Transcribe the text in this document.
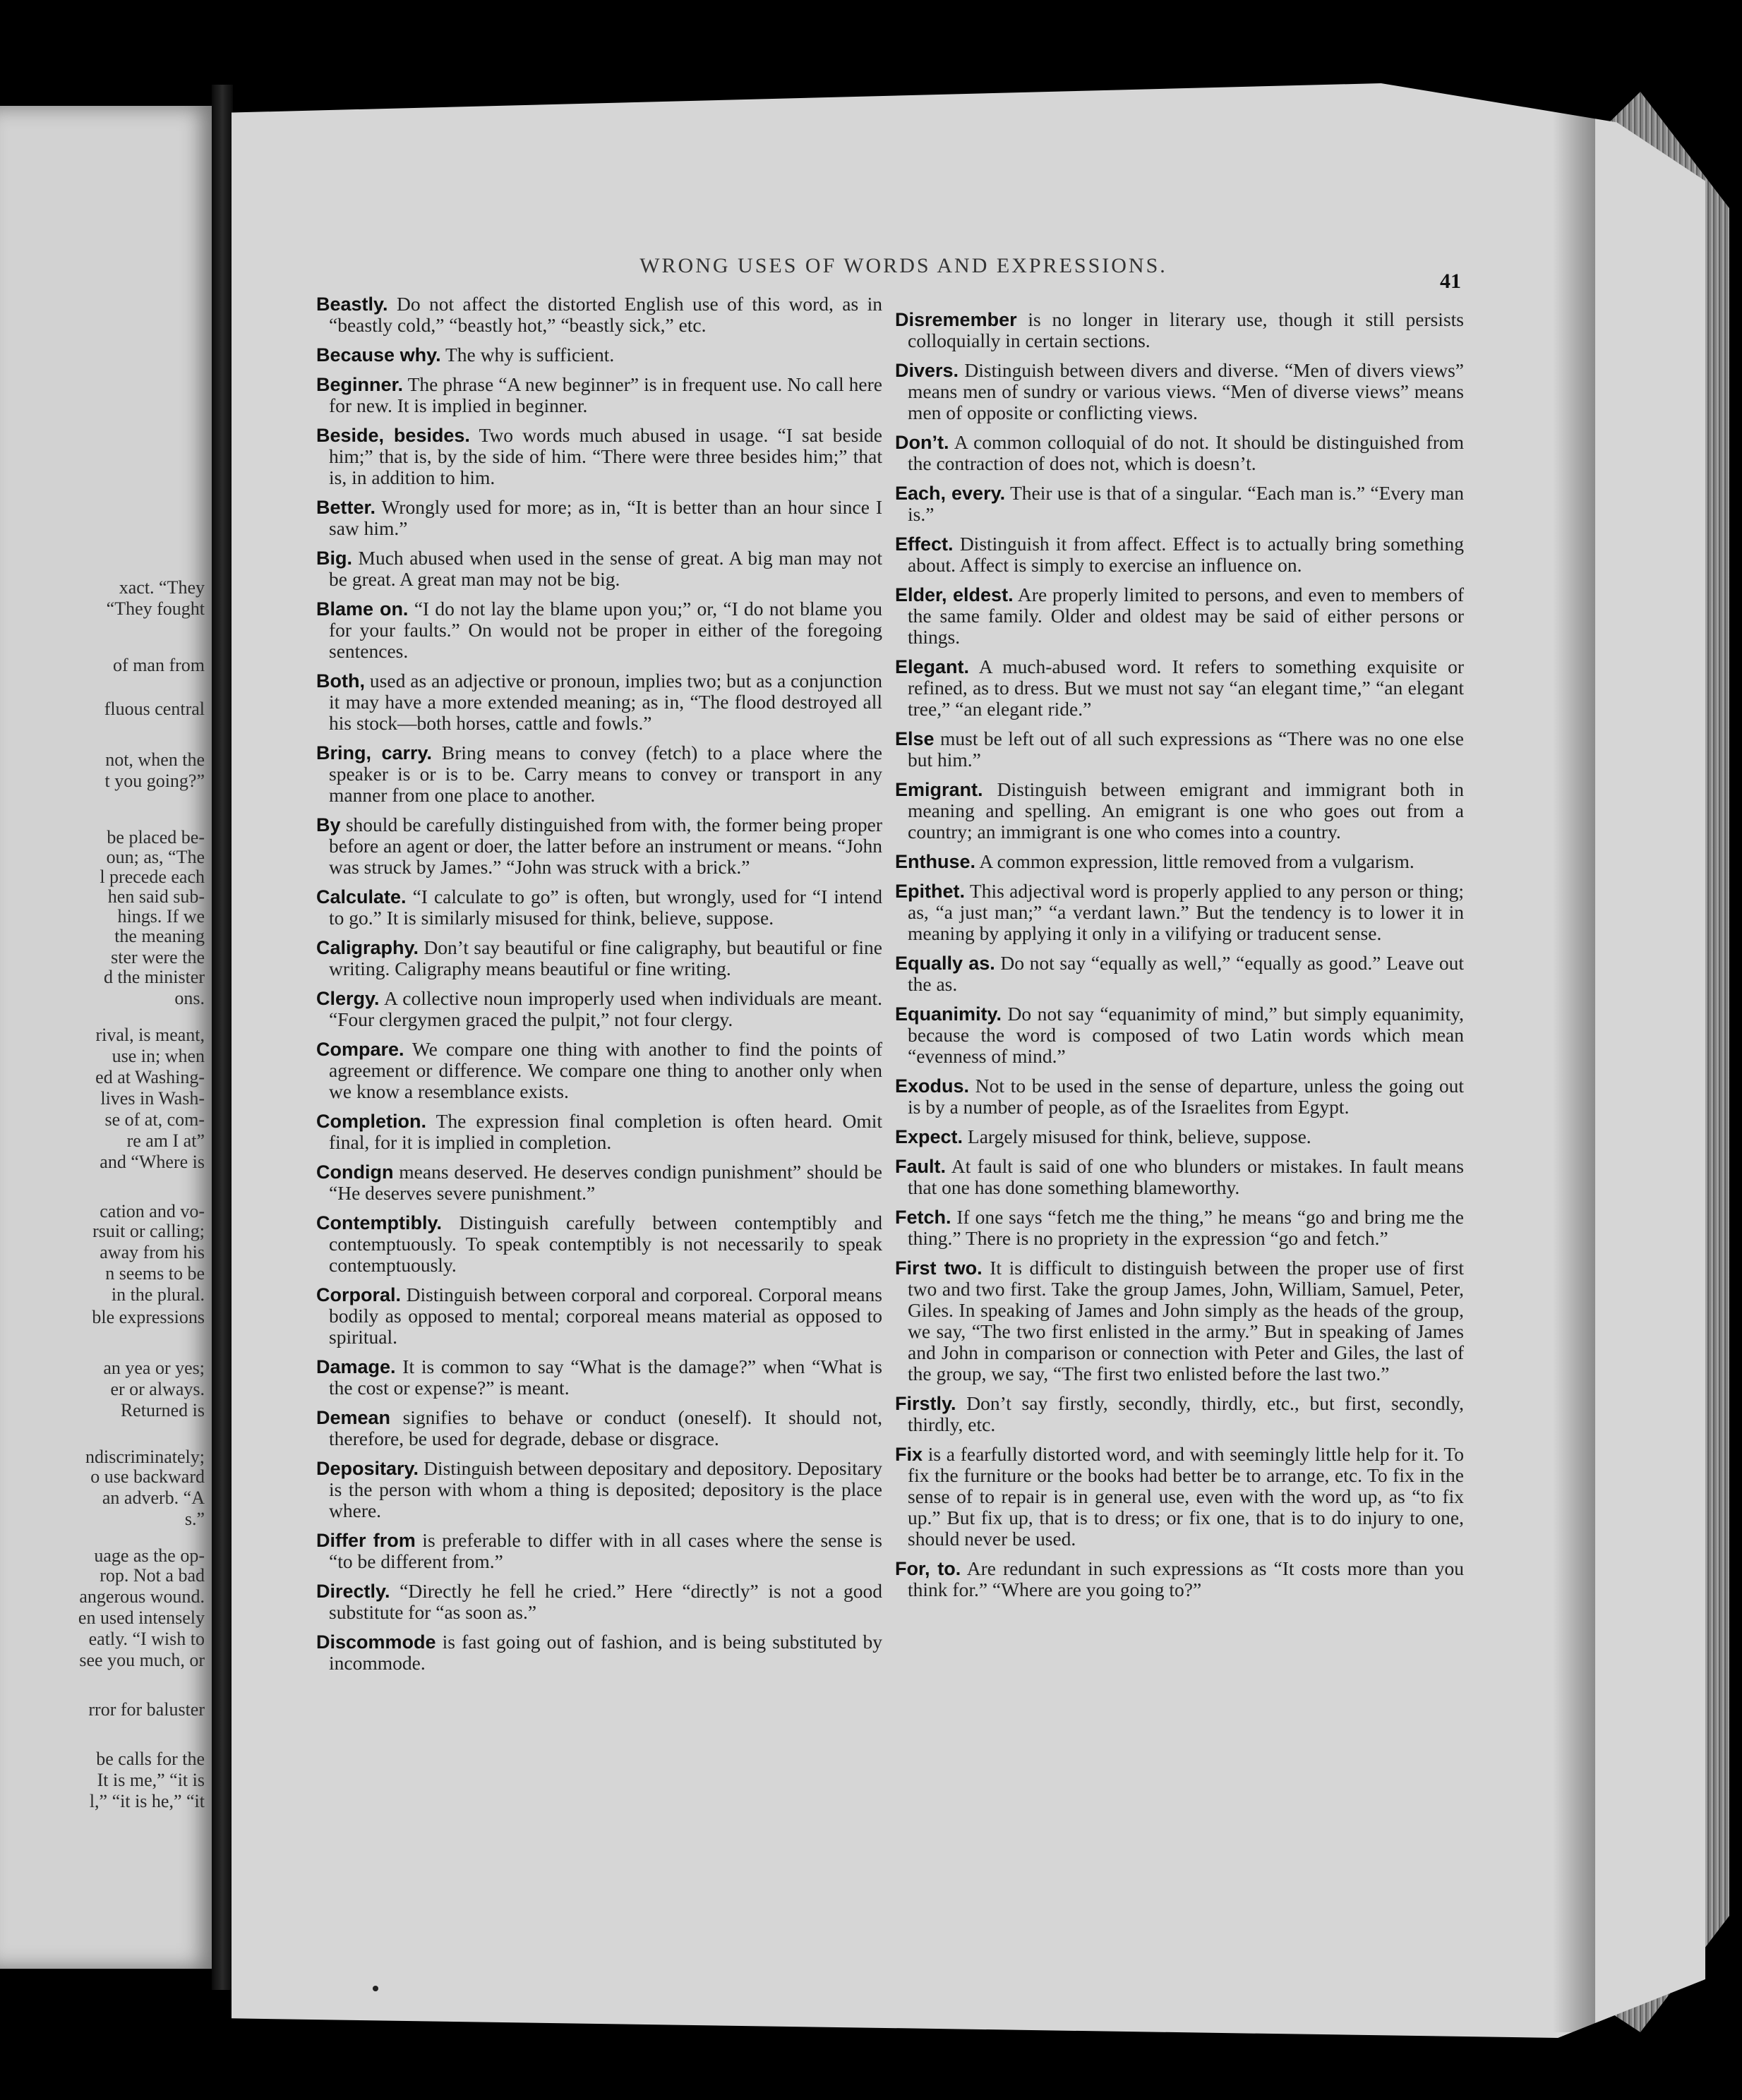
xact. “They
“They fought
of man from
fluous central
not, when the
t you going?”
be placed be-
oun; as, “The
l precede each
hen said sub-
hings. If we
the meaning
ster were the
d the minister
ons.
rival, is meant,
use in; when
ed at Washing-
lives in Wash-
se of at, com-
re am I at”
and “Where is
cation and vo-
rsuit or calling;
away from his
n seems to be
in the plural.
ble expressions
an yea or yes;
er or always.
Returned is
ndiscriminately;
o use backward
an adverb. “A
s.”
uage as the op-
rop. Not a bad
angerous wound.
en used intensely
eatly. “I wish to
see you much, or
rror for baluster
be calls for the
It is me,” “it is
l,” “it is he,” “it
WRONG USES OF WORDS AND EXPRESSIONS.
41

Beastly. Do not affect the distorted English use of this word, as in “beastly cold,” “beastly hot,” “beastly sick,” etc.

Because why. The why is sufficient.

Beginner. The phrase “A new beginner” is in frequent use. No call here for new. It is implied in beginner.

Beside, besides. Two words much abused in usage. “I sat beside him;” that is, by the side of him. “There were three besides him;” that is, in addition to him.

Better. Wrongly used for more; as in, “It is better than an hour since I saw him.”

Big. Much abused when used in the sense of great. A big man may not be great. A great man may not be big.

Blame on. “I do not lay the blame upon you;” or, “I do not blame you for your faults.” On would not be proper in either of the foregoing sentences.

Both, used as an adjective or pronoun, implies two; but as a conjunction it may have a more extended meaning; as in, “The flood destroyed all his stock—both horses, cattle and fowls.”

Bring, carry. Bring means to convey (fetch) to a place where the speaker is or is to be. Carry means to convey or transport in any manner from one place to another.

By should be carefully distinguished from with, the former being proper before an agent or doer, the latter before an instrument or means. “John was struck by James.” “John was struck with a brick.”

Calculate. “I calculate to go” is often, but wrongly, used for “I intend to go.” It is similarly misused for think, believe, suppose.

Caligraphy. Don’t say beautiful or fine caligraphy, but beautiful or fine writing. Caligraphy means beautiful or fine writing.

Clergy. A collective noun improperly used when individuals are meant. “Four clergymen graced the pulpit,” not four clergy.

Compare. We compare one thing with another to find the points of agreement or difference. We compare one thing to another only when we know a resemblance exists.

Completion. The expression final completion is often heard. Omit final, for it is implied in completion.

Condign means deserved. He deserves condign punishment” should be “He deserves severe punishment.”

Contemptibly. Distinguish carefully between contemptibly and contemptuously. To speak contemptibly is not necessarily to speak contemptuously.

Corporal. Distinguish between corporal and corporeal. Corporal means bodily as opposed to mental; corporeal means material as opposed to spiritual.

Damage. It is common to say “What is the damage?” when “What is the cost or expense?” is meant.

Demean signifies to behave or conduct (oneself). It should not, therefore, be used for degrade, debase or disgrace.

Depositary. Distinguish between depositary and depository. Depositary is the person with whom a thing is deposited; depository is the place where.

Differ from is preferable to differ with in all cases where the sense is “to be different from.”

Directly. “Directly he fell he cried.” Here “directly” is not a good substitute for “as soon as.”

Discommode is fast going out of fashion, and is being substituted by incommode.

Disremember is no longer in literary use, though it still persists colloquially in certain sections.

Divers. Distinguish between divers and diverse. “Men of divers views” means men of sundry or various views. “Men of diverse views” means men of opposite or conflicting views.

Don’t. A common colloquial of do not. It should be distinguished from the contraction of does not, which is doesn’t.

Each, every. Their use is that of a singular. “Each man is.” “Every man is.”

Effect. Distinguish it from affect. Effect is to actually bring something about. Affect is simply to exercise an influence on.

Elder, eldest. Are properly limited to persons, and even to members of the same family. Older and oldest may be said of either persons or things.

Elegant. A much-abused word. It refers to something exquisite or refined, as to dress. But we must not say “an elegant time,” “an elegant tree,” “an elegant ride.”

Else must be left out of all such expressions as “There was no one else but him.”

Emigrant. Distinguish between emigrant and immigrant both in meaning and spelling. An emigrant is one who goes out from a country; an immigrant is one who comes into a country.

Enthuse. A common expression, little removed from a vulgarism.

Epithet. This adjectival word is properly applied to any person or thing; as, “a just man;” “a verdant lawn.” But the tendency is to lower it in meaning by applying it only in a vilifying or traducent sense.

Equally as. Do not say “equally as well,” “equally as good.” Leave out the as.

Equanimity. Do not say “equanimity of mind,” but simply equanimity, because the word is composed of two Latin words which mean “evenness of mind.”

Exodus. Not to be used in the sense of departure, unless the going out is by a number of people, as of the Israelites from Egypt.

Expect. Largely misused for think, believe, suppose.

Fault. At fault is said of one who blunders or mistakes. In fault means that one has done something blameworthy.

Fetch. If one says “fetch me the thing,” he means “go and bring me the thing.” There is no propriety in the expression “go and fetch.”

First two. It is difficult to distinguish between the proper use of first two and two first. Take the group James, John, William, Samuel, Peter, Giles. In speaking of James and John simply as the heads of the group, we say, “The two first enlisted in the army.” But in speaking of James and John in comparison or connection with Peter and Giles, the last of the group, we say, “The first two enlisted before the last two.”

Firstly. Don’t say firstly, secondly, thirdly, etc., but first, secondly, thirdly, etc.

Fix is a fearfully distorted word, and with seemingly little help for it. To fix the furniture or the books had better be to arrange, etc. To fix in the sense of to repair is in general use, even with the word up, as “to fix up.” But fix up, that is to dress; or fix one, that is to do injury to one, should never be used.

For, to. Are redundant in such expressions as “It costs more than you think for.” “Where are you going to?”
